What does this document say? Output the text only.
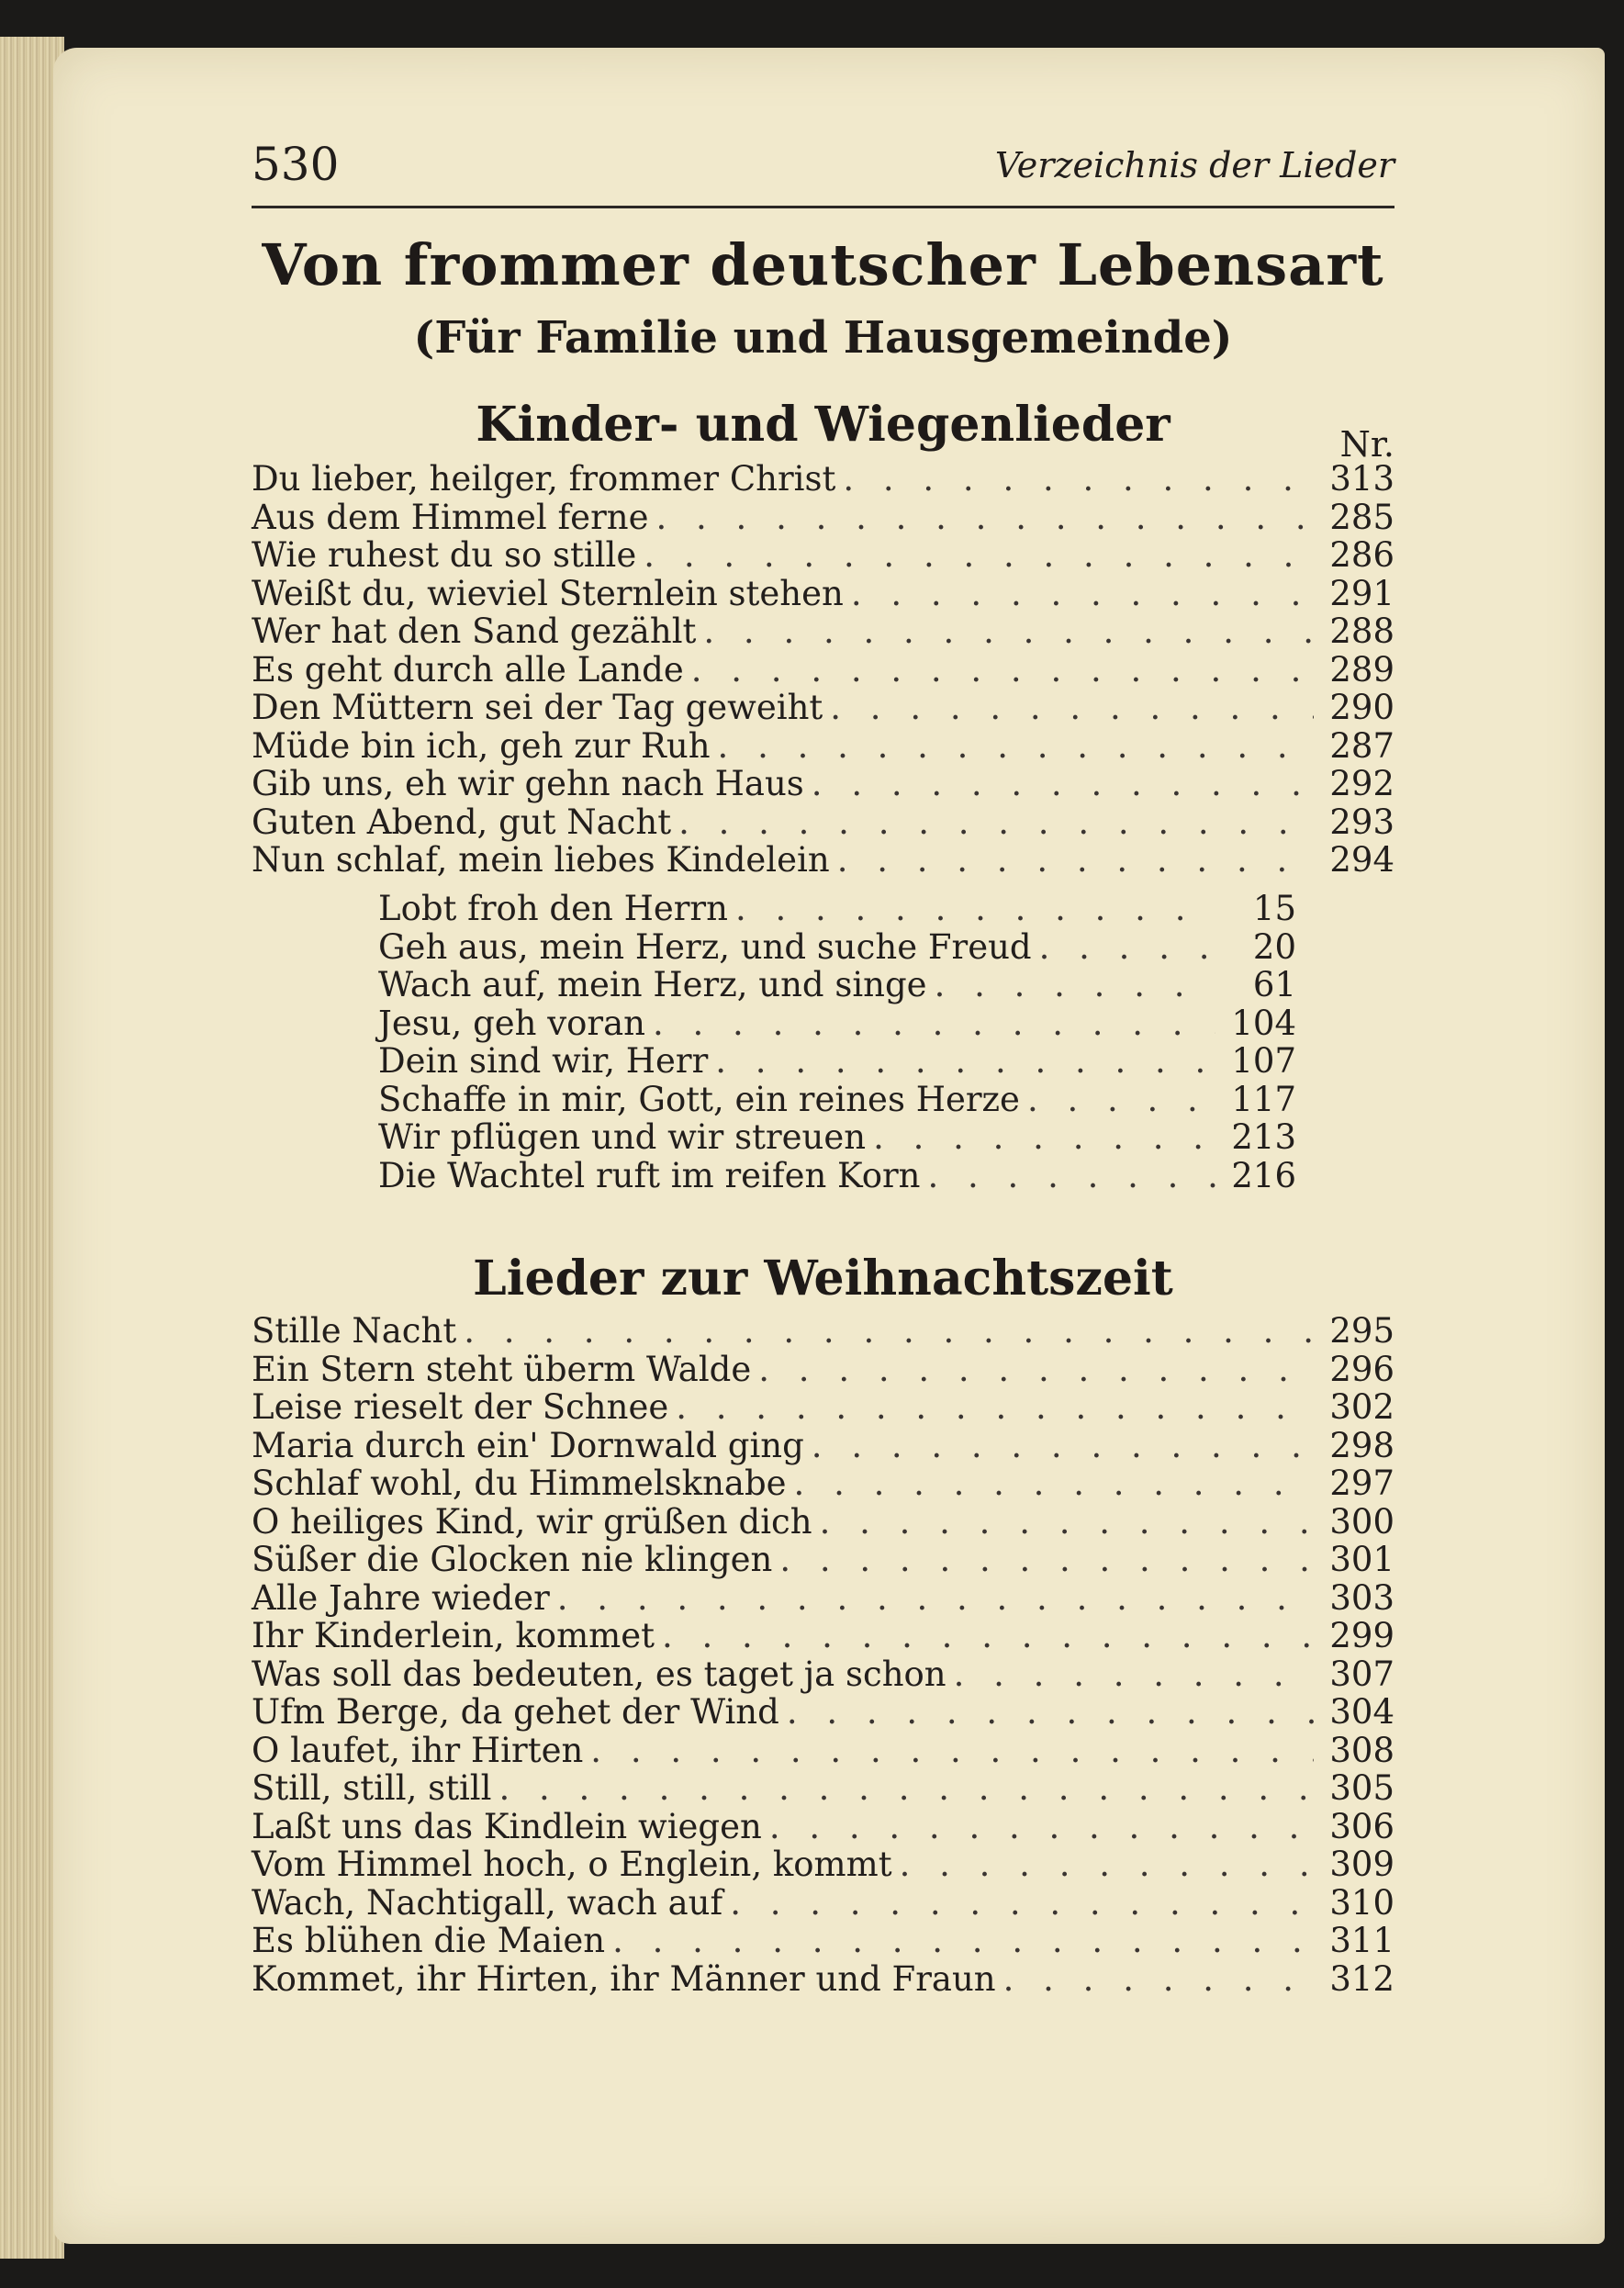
530	Verzeichnis der Lieder
Von frommer deutscher Lebensart
(Für Familie und Hausgemeinde)
Kinder- und Wiegenlieder	Nr.
Du lieber, heilger, frommer Christ . . .	313
Aus dem Himmel ferne . . .	285
Wie ruhest du so stille . . .	286
Weißt du, wieviel Sternlein stehen . . .	291
Wer hat den Sand gezählt . . .	288
Es geht durch alle Lande . . .	289
Den Müttern sei der Tag geweiht . . .	290
Müde bin ich, geh zur Ruh . . .	287
Gib uns, eh wir gehn nach Haus . . .	292
Guten Abend, gut Nacht . . .	293
Nun schlaf, mein liebes Kindelein . . .	294
Lobt froh den Herrn . . .	15
Geh aus, mein Herz, und suche Freud . . .	20
Wach auf, mein Herz, und singe . . .	61
Jesu, geh voran . . .	104
Dein sind wir, Herr . . .	107
Schaffe in mir, Gott, ein reines Herze . . .	117
Wir pflügen und wir streuen . . .	213
Die Wachtel ruft im reifen Korn . . .	216
Lieder zur Weihnachtszeit
Stille Nacht . . .	295
Ein Stern steht überm Walde . . .	296
Leise rieselt der Schnee . . .	302
Maria durch ein' Dornwald ging . . .	298
Schlaf wohl, du Himmelsknabe . . .	297
O heiliges Kind, wir grüßen dich . . .	300
Süßer die Glocken nie klingen . . .	301
Alle Jahre wieder . . .	303
Ihr Kinderlein, kommet . . .	299
Was soll das bedeuten, es taget ja schon . . .	307
Ufm Berge, da gehet der Wind . . .	304
O laufet, ihr Hirten . . .	308
Still, still, still . . .	305
Laßt uns das Kindlein wiegen . . .	306
Vom Himmel hoch, o Englein, kommt . . .	309
Wach, Nachtigall, wach auf . . .	310
Es blühen die Maien . . .	311
Kommet, ihr Hirten, ihr Männer und Fraun . . .	312
